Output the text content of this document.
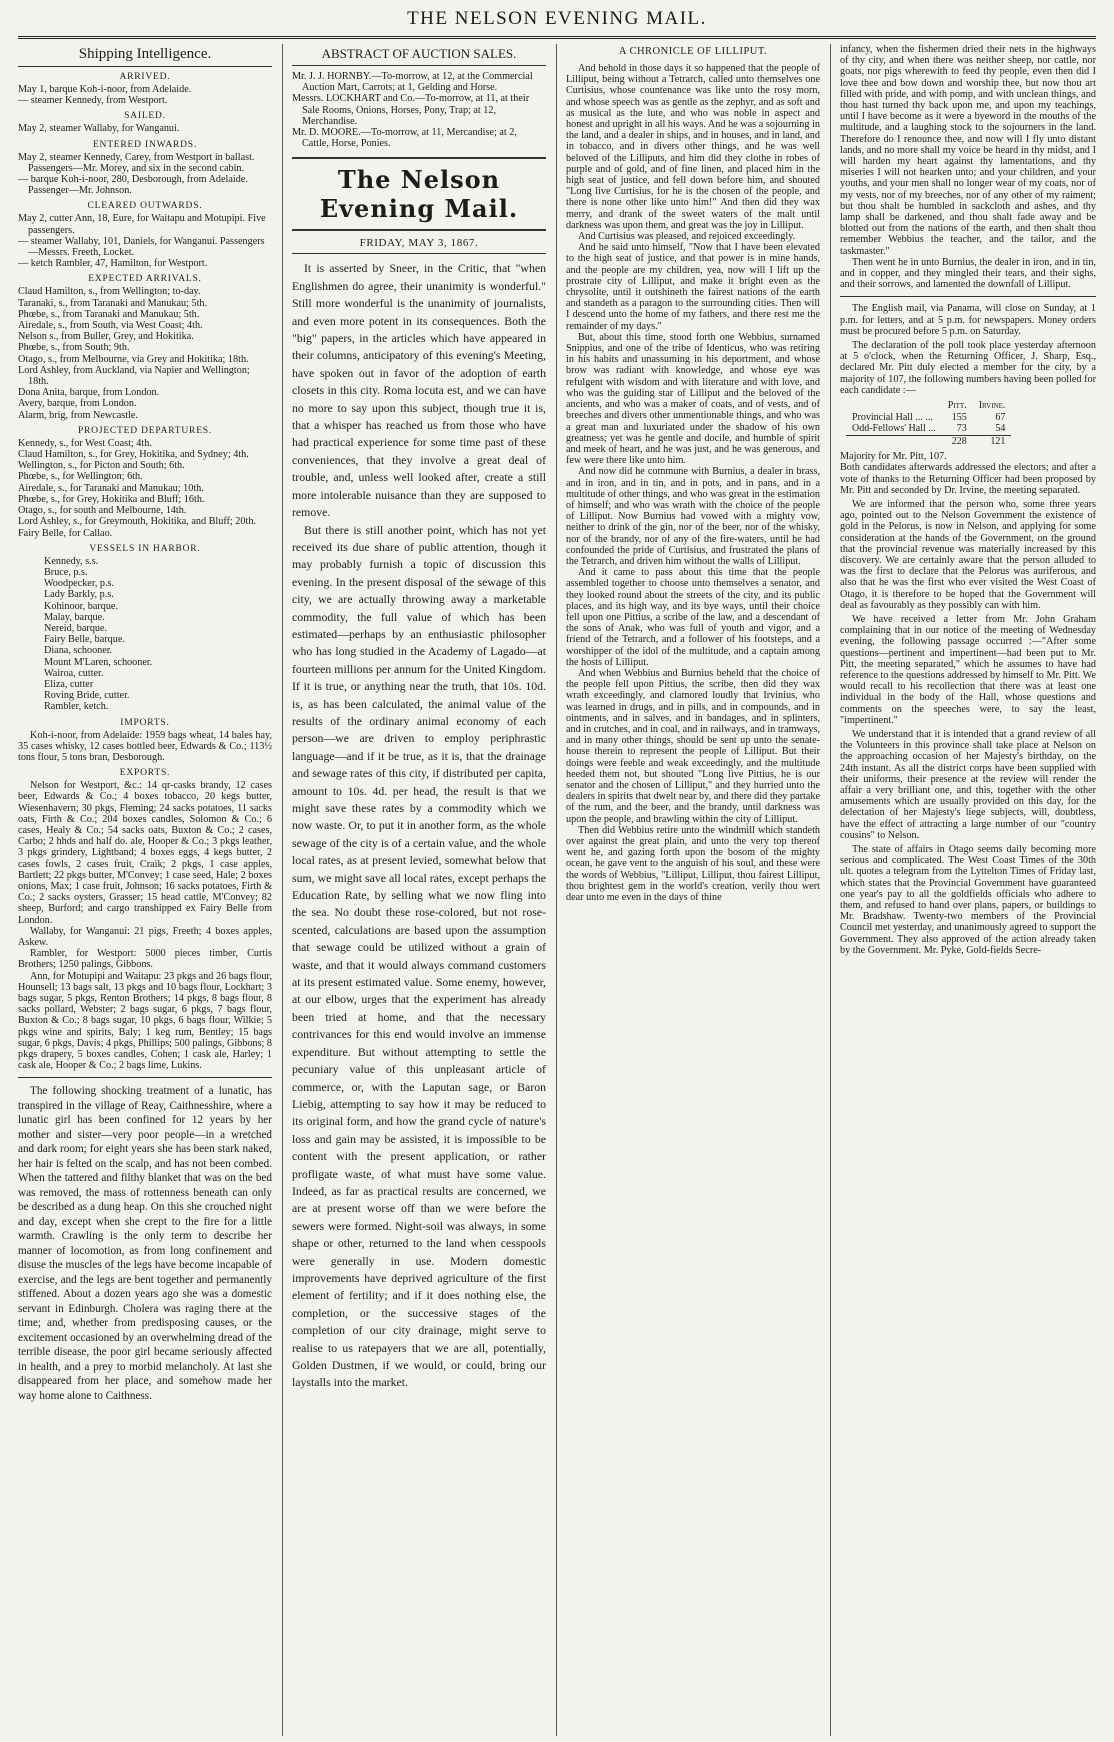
THE NELSON EVENING MAIL.
Shipping Intelligence.
ARRIVED.

May 1, barque Koh-i-noor, from Adelaide.

— steamer Kennedy, from Westport.

SAILED.

May 2, steamer Wallaby, for Wanganui.

ENTERED INWARDS.

May 2, steamer Kennedy, Carey, from Westport in ballast. Passengers—Mr. Morey, and six in the second cabin.

— barque Koh-i-noor, 280, Desborough, from Adelaide. Passenger—Mr. Johnson.

CLEARED OUTWARDS.

May 2, cutter Ann, 18, Eure, for Waitapu and Motupipi. Five passengers.

— steamer Wallaby, 101, Daniels, for Wanganui. Passengers—Messrs. Freeth, Locket.

— ketch Rambler, 47, Hamilton, for Westport.

EXPECTED ARRIVALS.

Claud Hamilton, s., from Wellington; to-day.

Taranaki, s., from Taranaki and Manukau; 5th.

Phœbe, s., from Taranaki and Manukau; 5th.

Airedale, s., from South, via West Coast; 4th.

Nelson s., from Buller, Grey, and Hokitika.

Phœbe, s., from South; 9th.

Otago, s., from Melbourne, via Grey and Hokitika; 18th.

Lord Ashley, from Auckland, via Napier and Wellington; 18th.

Dona Anita, barque, from London.

Avery, barque, from London.

Alarm, brig, from Newcastle.

PROJECTED DEPARTURES.

Kennedy, s., for West Coast; 4th.

Claud Hamilton, s., for Grey, Hokitika, and Sydney; 4th.

Wellington, s., for Picton and South; 6th.

Phœbe, s., for Wellington; 6th.

Airedale, s., for Taranaki and Manukau; 10th.

Phœbe, s., for Grey, Hokitika and Bluff; 16th.

Otago, s., for south and Melbourne, 14th.

Lord Ashley, s., for Greymouth, Hokitika, and Bluff; 20th.

Fairy Belle, for Callao.

VESSELS IN HARBOR.

Kennedy, s.s.

Bruce, p.s.

Woodpecker, p.s.

Lady Barkly, p.s.

Kohinoor, barque.

Malay, barque.

Nereid, barque.

Fairy Belle, barque.

Diana, schooner.

Mount M'Laren, schooner.

Wairoa, cutter.

Eliza, cutter

Roving Bride, cutter.

Rambler, ketch.

IMPORTS.

Koh-i-noor, from Adelaide: 1959 bags wheat, 14 bales hay, 35 cases whisky, 12 cases bottled beer, Edwards & Co.; 113½ tons flour, 5 tons bran, Desborough.

EXPORTS.

Nelson for Westport, &c.: 14 qr-casks brandy, 12 cases beer, Edwards & Co.; 4 boxes tobacco, 20 kegs butter, Wiesenhavern; 30 pkgs, Fleming; 24 sacks potatoes, 11 sacks oats, Firth & Co.; 204 boxes candles, Solomon & Co.; 6 cases, Healy & Co.; 54 sacks oats, Buxton & Co.; 2 cases, Carbo; 2 hhds and half do. ale, Hooper & Co.; 3 pkgs leather, 3 pkgs grindery, Lightband; 4 boxes eggs, 4 kegs butter, 2 cases fowls, 2 cases fruit, Craik; 2 pkgs, 1 case apples, Bartlett; 22 pkgs butter, M'Convey; 1 case seed, Hale; 2 boxes onions, Max; 1 case fruit, Johnson; 16 sacks potatoes, Firth & Co.; 2 sacks oysters, Grasser; 15 head cattle, M'Convey; 82 sheep, Burford; and cargo transhipped ex Fairy Belle from London.

Wallaby, for Wanganui: 21 pigs, Freeth; 4 boxes apples, Askew.

Rambler, for Westport: 5000 pieces timber, Curtis Brothers; 1250 palings, Gibbons.

Ann, for Motupipi and Waitapu: 23 pkgs and 26 bags flour, Hounsell; 13 bags salt, 13 pkgs and 10 bags flour, Lockhart; 3 bags sugar, 5 pkgs, Renton Brothers; 14 pkgs, 8 bags flour, 8 sacks pollard, Webster; 2 bags sugar, 6 pkgs, 7 bags flour, Buxton & Co.; 8 bags sugar, 10 pkgs, 6 bags flour, Wilkie; 5 pkgs wine and spirits, Baly; 1 keg rum, Bentley; 15 bags sugar, 6 pkgs, Davis; 4 pkgs, Phillips; 500 palings, Gibbons; 8 pkgs drapery, 5 boxes candles, Cohen; 1 cask ale, Harley; 1 cask ale, Hooper & Co.; 2 bags lime, Lukins.

The following shocking treatment of a lunatic, has transpired in the village of Reay, Caithnesshire, where a lunatic girl has been confined for 12 years by her mother and sister—very poor people—in a wretched and dark room; for eight years she has been stark naked, her hair is felted on the scalp, and has not been combed. When the tattered and filthy blanket that was on the bed was removed, the mass of rottenness beneath can only be described as a dung heap. On this she crouched night and day, except when she crept to the fire for a little warmth. Crawling is the only term to describe her manner of locomotion, as from long confinement and disuse the muscles of the legs have become incapable of exercise, and the legs are bent together and permanently stiffened. About a dozen years ago she was a domestic servant in Edinburgh. Cholera was raging there at the time; and, whether from predisposing causes, or the excitement occasioned by an overwhelming dread of the terrible disease, the poor girl became seriously affected in health, and a prey to morbid melancholy. At last she disappeared from her place, and somehow made her way home alone to Caithness.

ABSTRACT OF AUCTION SALES.

Mr. J. J. HORNBY.—To-morrow, at 12, at the Commercial Auction Mart, Carrots; at 1, Gelding and Horse.

Messrs. LOCKHART and Co.—To-morrow, at 11, at their Sale Rooms, Onions, Horses, Pony, Trap; at 12, Merchandise.

Mr. D. MOORE.—To-morrow, at 11, Mercandise; at 2, Cattle, Horse, Ponies.

The Nelson Evening Mail.
FRIDAY, MAY 3, 1867.

It is asserted by Sneer, in the Critic, that "when Englishmen do agree, their unanimity is wonderful." Still more wonderful is the unanimity of journalists, and even more potent in its consequences. Both the "big" papers, in the articles which have appeared in their columns, anticipatory of this evening's Meeting, have spoken out in favor of the adoption of earth closets in this city. Roma locuta est, and we can have no more to say upon this subject, though true it is, that a whisper has reached us from those who have had practical experience for some time past of these conveniences, that they involve a great deal of trouble, and, unless well looked after, create a still more intolerable nuisance than they are supposed to remove.

But there is still another point, which has not yet received its due share of public attention, though it may probably furnish a topic of discussion this evening. In the present disposal of the sewage of this city, we are actually throwing away a marketable commodity, the full value of which has been estimated—perhaps by an enthusiastic philosopher who has long studied in the Academy of Lagado—at fourteen millions per annum for the United Kingdom. If it is true, or anything near the truth, that 10s. 10d. is, as has been calculated, the animal value of the results of the ordinary animal economy of each person—we are driven to employ periphrastic language—and if it be true, as it is, that the drainage and sewage rates of this city, if distributed per capita, amount to 10s. 4d. per head, the result is that we might save these rates by a commodity which we now waste. Or, to put it in another form, as the whole sewage of the city is of a certain value, and the whole local rates, as at present levied, somewhat below that sum, we might save all local rates, except perhaps the Education Rate, by selling what we now fling into the sea. No doubt these rose-colored, but not rose-scented, calculations are based upon the assumption that sewage could be utilized without a grain of waste, and that it would always command customers at its present estimated value. Some enemy, however, at our elbow, urges that the experiment has already been tried at home, and that the necessary contrivances for this end would involve an immense expenditure. But without attempting to settle the pecuniary value of this unpleasant article of commerce, or, with the Laputan sage, or Baron Liebig, attempting to say how it may be reduced to its original form, and how the grand cycle of nature's loss and gain may be assisted, it is impossible to be content with the present application, or rather profligate waste, of what must have some value. Indeed, as far as practical results are concerned, we are at present worse off than we were before the sewers were formed. Night-soil was always, in some shape or other, returned to the land when cesspools were generally in use. Modern domestic improvements have deprived agriculture of the first element of fertility; and if it does nothing else, the completion, or the successive stages of the completion of our city drainage, might serve to realise to us ratepayers that we are all, potentially, Golden Dustmen, if we would, or could, bring our laystalls into the market.

A CHRONICLE OF LILLIPUT.

And behold in those days it so happened that the people of Lilliput, being without a Tetrarch, called unto themselves one Curtisius, whose countenance was like unto the rosy morn, and whose speech was as gentle as the zephyr, and as soft and as musical as the lute, and who was noble in aspect and honest and upright in all his ways. And he was a sojourning in the land, and a dealer in ships, and in houses, and in land, and in tobacco, and in divers other things, and he was well beloved of the Lilliputs, and him did they clothe in robes of purple and of gold, and of fine linen, and placed him in the high seat of justice, and fell down before him, and shouted "Long live Curtisius, for he is the chosen of the people, and there is none other like unto him!" And then did they wax merry, and drank of the sweet waters of the malt until darkness was upon them, and great was the joy in Lilliput.

And Curtisius was pleased, and rejoiced exceedingly.

And he said unto himself, "Now that I have been elevated to the high seat of justice, and that power is in mine hands, and the people are my children, yea, now will I lift up the prostrate city of Lilliput, and make it bright even as the chrysolite, until it outshineth the fairest nations of the earth and standeth as a paragon to the surrounding cities. Then will I descend unto the home of my fathers, and there rest me the remainder of my days."

But, about this time, stood forth one Webbius, surnamed Snippius, and one of the tribe of Identicus, who was retiring in his habits and unassuming in his deportment, and whose brow was radiant with knowledge, and whose eye was refulgent with wisdom and with literature and with love, and who was the guiding star of Lilliput and the beloved of the ancients, and who was a maker of coats, and of vests, and of breeches and divers other unmentionable things, and who was a great man and luxuriated under the shadow of his own greatness; yet was he gentle and docile, and humble of spirit and meek of heart, and he was just, and he was generous, and few were there like unto him.

And now did he commune with Burnius, a dealer in brass, and in iron, and in tin, and in pots, and in pans, and in a multitude of other things, and who was great in the estimation of himself; and who was wrath with the choice of the people of Lilliput. Now Burnius had vowed with a mighty vow, neither to drink of the gin, nor of the beer, nor of the whisky, nor of the brandy, nor of any of the fire-waters, until he had confounded the pride of Curtisius, and frustrated the plans of the Tetrarch, and driven him without the walls of Lilliput.

And it came to pass about this time that the people assembled together to choose unto themselves a senator, and they looked round about the streets of the city, and its public places, and its high way, and its bye ways, until their choice fell upon one Pittius, a scribe of the law, and a descendant of the sons of Anak, who was full of youth and vigor, and a friend of the Tetrarch, and a follower of his footsteps, and a worshipper of the idol of the multitude, and a captain among the hosts of Lilliput.

And when Webbius and Burnius beheld that the choice of the people fell upon Pittius, the scribe, then did they wax wrath exceedingly, and clamored loudly that Irvinius, who was learned in drugs, and in pills, and in compounds, and in ointments, and in salves, and in bandages, and in splinters, and in crutches, and in coal, and in railways, and in tramways, and in many other things, should be sent up unto the senate-house therein to represent the people of Lilliput. But their doings were feeble and weak exceedingly, and the multitude heeded them not, but shouted "Long live Pittius, he is our senator and the chosen of Lilliput," and they hurried unto the dealers in spirits that dwelt near by, and there did they partake of the rum, and the beer, and the brandy, until darkness was upon the people, and brawling within the city of Lilliput.

Then did Webbius retire unto the windmill which standeth over against the great plain, and unto the very top thereof went he, and gazing forth upon the bosom of the mighty ocean, he gave vent to the anguish of his soul, and these were the words of Webbius, "Lilliput, Lilliput, thou fairest Lilliput, thou brightest gem in the world's creation, verily thou wert dear unto me even in the days of thine

infancy, when the fishermen dried their nets in the highways of thy city, and when there was neither sheep, nor cattle, nor goats, nor pigs wherewith to feed thy people, even then did I love thee and bow down and worship thee, but now thou art filled with pride, and with pomp, and with unclean things, and thou hast turned thy back upon me, and upon my teachings, until I have become as it were a byeword in the mouths of the multitude, and a laughing stock to the sojourners in the land. Therefore do I renounce thee, and now will I fly unto distant lands, and no more shall my voice be heard in thy midst, and I will harden my heart against thy lamentations, and thy miseries I will not hearken unto; and your children, and your youths, and your men shall no longer wear of my coats, nor of my vests, nor of my breeches, nor of any other of my raiment; but thou shalt be humbled in sackcloth and ashes, and thy lamp shall be darkened, and thou shalt fade away and be blotted out from the nations of the earth, and then shalt thou remember Webbius the teacher, and the tailor, and the taskmaster."

Then went he in unto Burnius, the dealer in iron, and in tin, and in copper, and they mingled their tears, and their sighs, and their sorrows, and lamented the downfall of Lilliput.

The English mail, via Panama, will close on Sunday, at 1 p.m. for letters, and at 5 p.m. for newspapers. Money orders must be procured before 5 p.m. on Saturday.

The declaration of the poll took place yesterday afternoon at 5 o'clock, when the Returning Officer, J. Sharp, Esq., declared Mr. Pitt duly elected a member for the city, by a majority of 107, the following numbers having been polled for each candidate :—

	Pitt.	Irvine.
Provincial Hall ... ...	155	67
Odd-Fellows' Hall ...	73	54
	228	121

Majority for Mr. Pitt, 107.

Both candidates afterwards addressed the electors; and after a vote of thanks to the Returning Officer had been proposed by Mr. Pitt and seconded by Dr. Irvine, the meeting separated.

We are informed that the person who, some three years ago, pointed out to the Nelson Government the existence of gold in the Pelorus, is now in Nelson, and applying for some consideration at the hands of the Government, on the ground that the provincial revenue was materially increased by this discovery. We are certainly aware that the person alluded to was the first to declare that the Pelorus was auriferous, and also that he was the first who ever visited the West Coast of Otago, it is therefore to be hoped that the Government will deal as favourably as they possibly can with him.

We have received a letter from Mr. John Graham complaining that in our notice of the meeting of Wednesday evening, the following passage occurred :—"After some questions—pertinent and impertinent—had been put to Mr. Pitt, the meeting separated," which he assumes to have had reference to the questions addressed by himself to Mr. Pitt. We would recall to his recollection that there was at least one individual in the body of the Hall, whose questions and comments on the speeches were, to say the least, "impertinent."

We understand that it is intended that a grand review of all the Volunteers in this province shall take place at Nelson on the approaching occasion of her Majesty's birthday, on the 24th instant. As all the district corps have been supplied with their uniforms, their presence at the review will render the affair a very brilliant one, and this, together with the other amusements which are usually provided on this day, for the delectation of her Majesty's liege subjects, will, doubtless, have the effect of attracting a large number of our "country cousins" to Nelson.

The state of affairs in Otago seems daily becoming more serious and complicated. The West Coast Times of the 30th ult. quotes a telegram from the Lyttelton Times of Friday last, which states that the Provincial Government have guaranteed one year's pay to all the goldfields officials who adhere to them, and refused to hand over plans, papers, or buildings to Mr. Bradshaw. Twenty-two members of the Provincial Council met yesterday, and unanimously agreed to support the Government. They also approved of the action already taken by the Government. Mr. Pyke, Gold-fields Secre-
